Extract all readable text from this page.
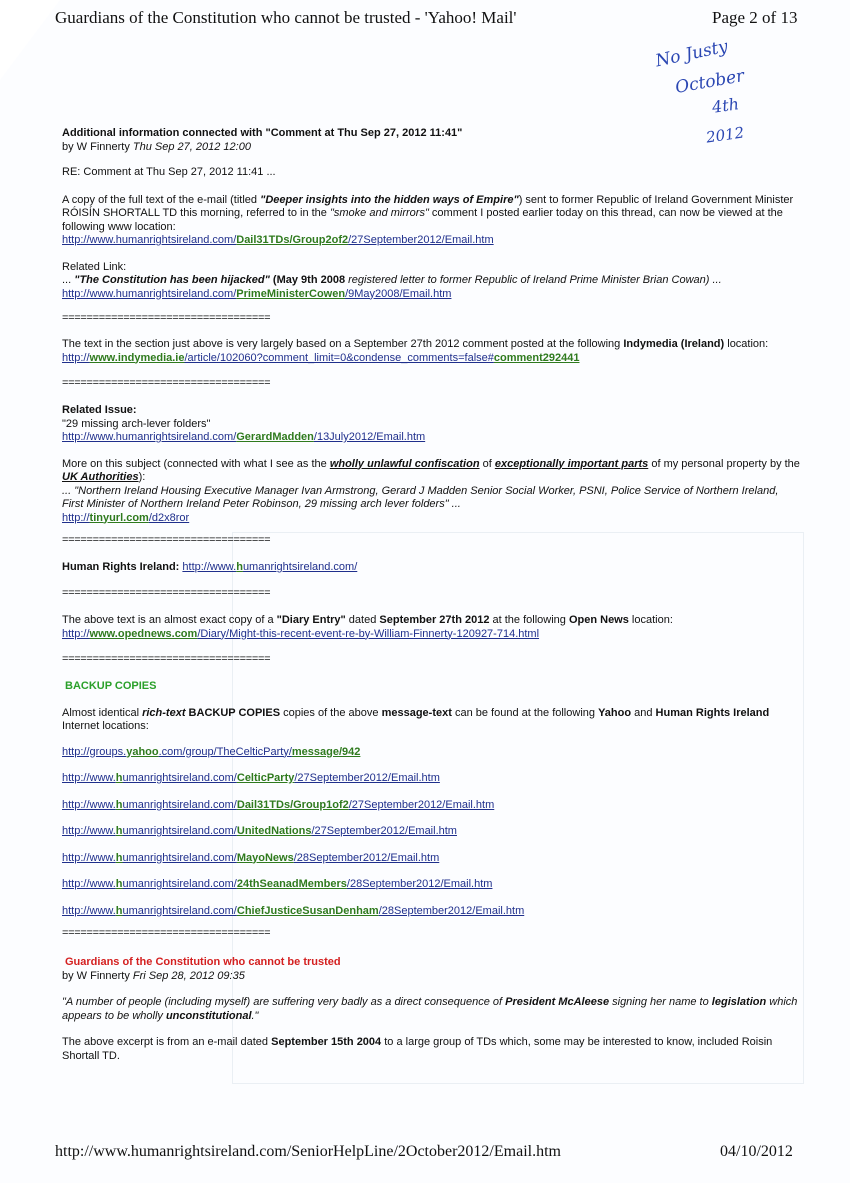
Guardians of the Constitution who cannot be trusted - 'Yahoo! Mail'	Page 2 of 13
No Justy
October
4th
2012

Additional information connected with "Comment at Thu Sep 27, 2012 11:41"

by W Finnerty Thu Sep 27, 2012 12:00

RE: Comment at Thu Sep 27, 2012 11:41 ...

A copy of the full text of the e-mail (titled "Deeper insights into the hidden ways of Empire") sent to former Republic of Ireland Government Minister
RÓISÍN SHORTALL TD this morning, referred to in the "smoke and mirrors" comment I posted earlier today on this thread, can now be viewed at the
following www location:

http://www.humanrightsireland.com/Dail31TDs/Group2of2/27September2012/Email.htm

Related Link:

... "The Constitution has been hijacked" (May 9th 2008 registered letter to former Republic of Ireland Prime Minister Brian Cowan) ...

http://www.humanrightsireland.com/PrimeMinisterCowen/9May2008/Email.htm

==================================

The text in the section just above is very largely based on a September 27th 2012 comment posted at the following Indymedia (Ireland) location:

http://www.indymedia.ie/article/102060?comment_limit=0&condense_comments=false#comment292441

==================================

Related Issue:

"29 missing arch-lever folders"

http://www.humanrightsireland.com/GerardMadden/13July2012/Email.htm

More on this subject (connected with what I see as the wholly unlawful confiscation of exceptionally important parts of my personal property by the
UK Authorities):

... "Northern Ireland Housing Executive Manager Ivan Armstrong, Gerard J Madden Senior Social Worker, PSNI, Police Service of Northern Ireland,

First Minister of Northern Ireland Peter Robinson, 29 missing arch lever folders" ...

http://tinyurl.com/d2x8ror

==================================

Human Rights Ireland: http://www.humanrightsireland.com/

==================================

The above text is an almost exact copy of a "Diary Entry" dated September 27th 2012 at the following Open News location:

http://www.opednews.com/Diary/Might-this-recent-event-re-by-William-Finnerty-120927-714.html

==================================

BACKUP COPIES

Almost identical rich-text BACKUP COPIES copies of the above message-text can be found at the following Yahoo and Human Rights Ireland
Internet locations:

http://groups.yahoo.com/group/TheCelticParty/message/942

http://www.humanrightsireland.com/CelticParty/27September2012/Email.htm

http://www.humanrightsireland.com/Dail31TDs/Group1of2/27September2012/Email.htm

http://www.humanrightsireland.com/UnitedNations/27September2012/Email.htm

http://www.humanrightsireland.com/MayoNews/28September2012/Email.htm

http://www.humanrightsireland.com/24thSeanadMembers/28September2012/Email.htm

http://www.humanrightsireland.com/ChiefJusticeSusanDenham/28September2012/Email.htm

==================================

Guardians of the Constitution who cannot be trusted

by W Finnerty Fri Sep 28, 2012 09:35

"A number of people (including myself) are suffering very badly as a direct consequence of President McAleese signing her name to legislation which
appears to be wholly unconstitutional."

The above excerpt is from an e-mail dated September 15th 2004 to a large group of TDs which, some may be interested to know, included Roisin
Shortall TD.

http://www.humanrightsireland.com/SeniorHelpLine/2October2012/Email.htm	04/10/2012
